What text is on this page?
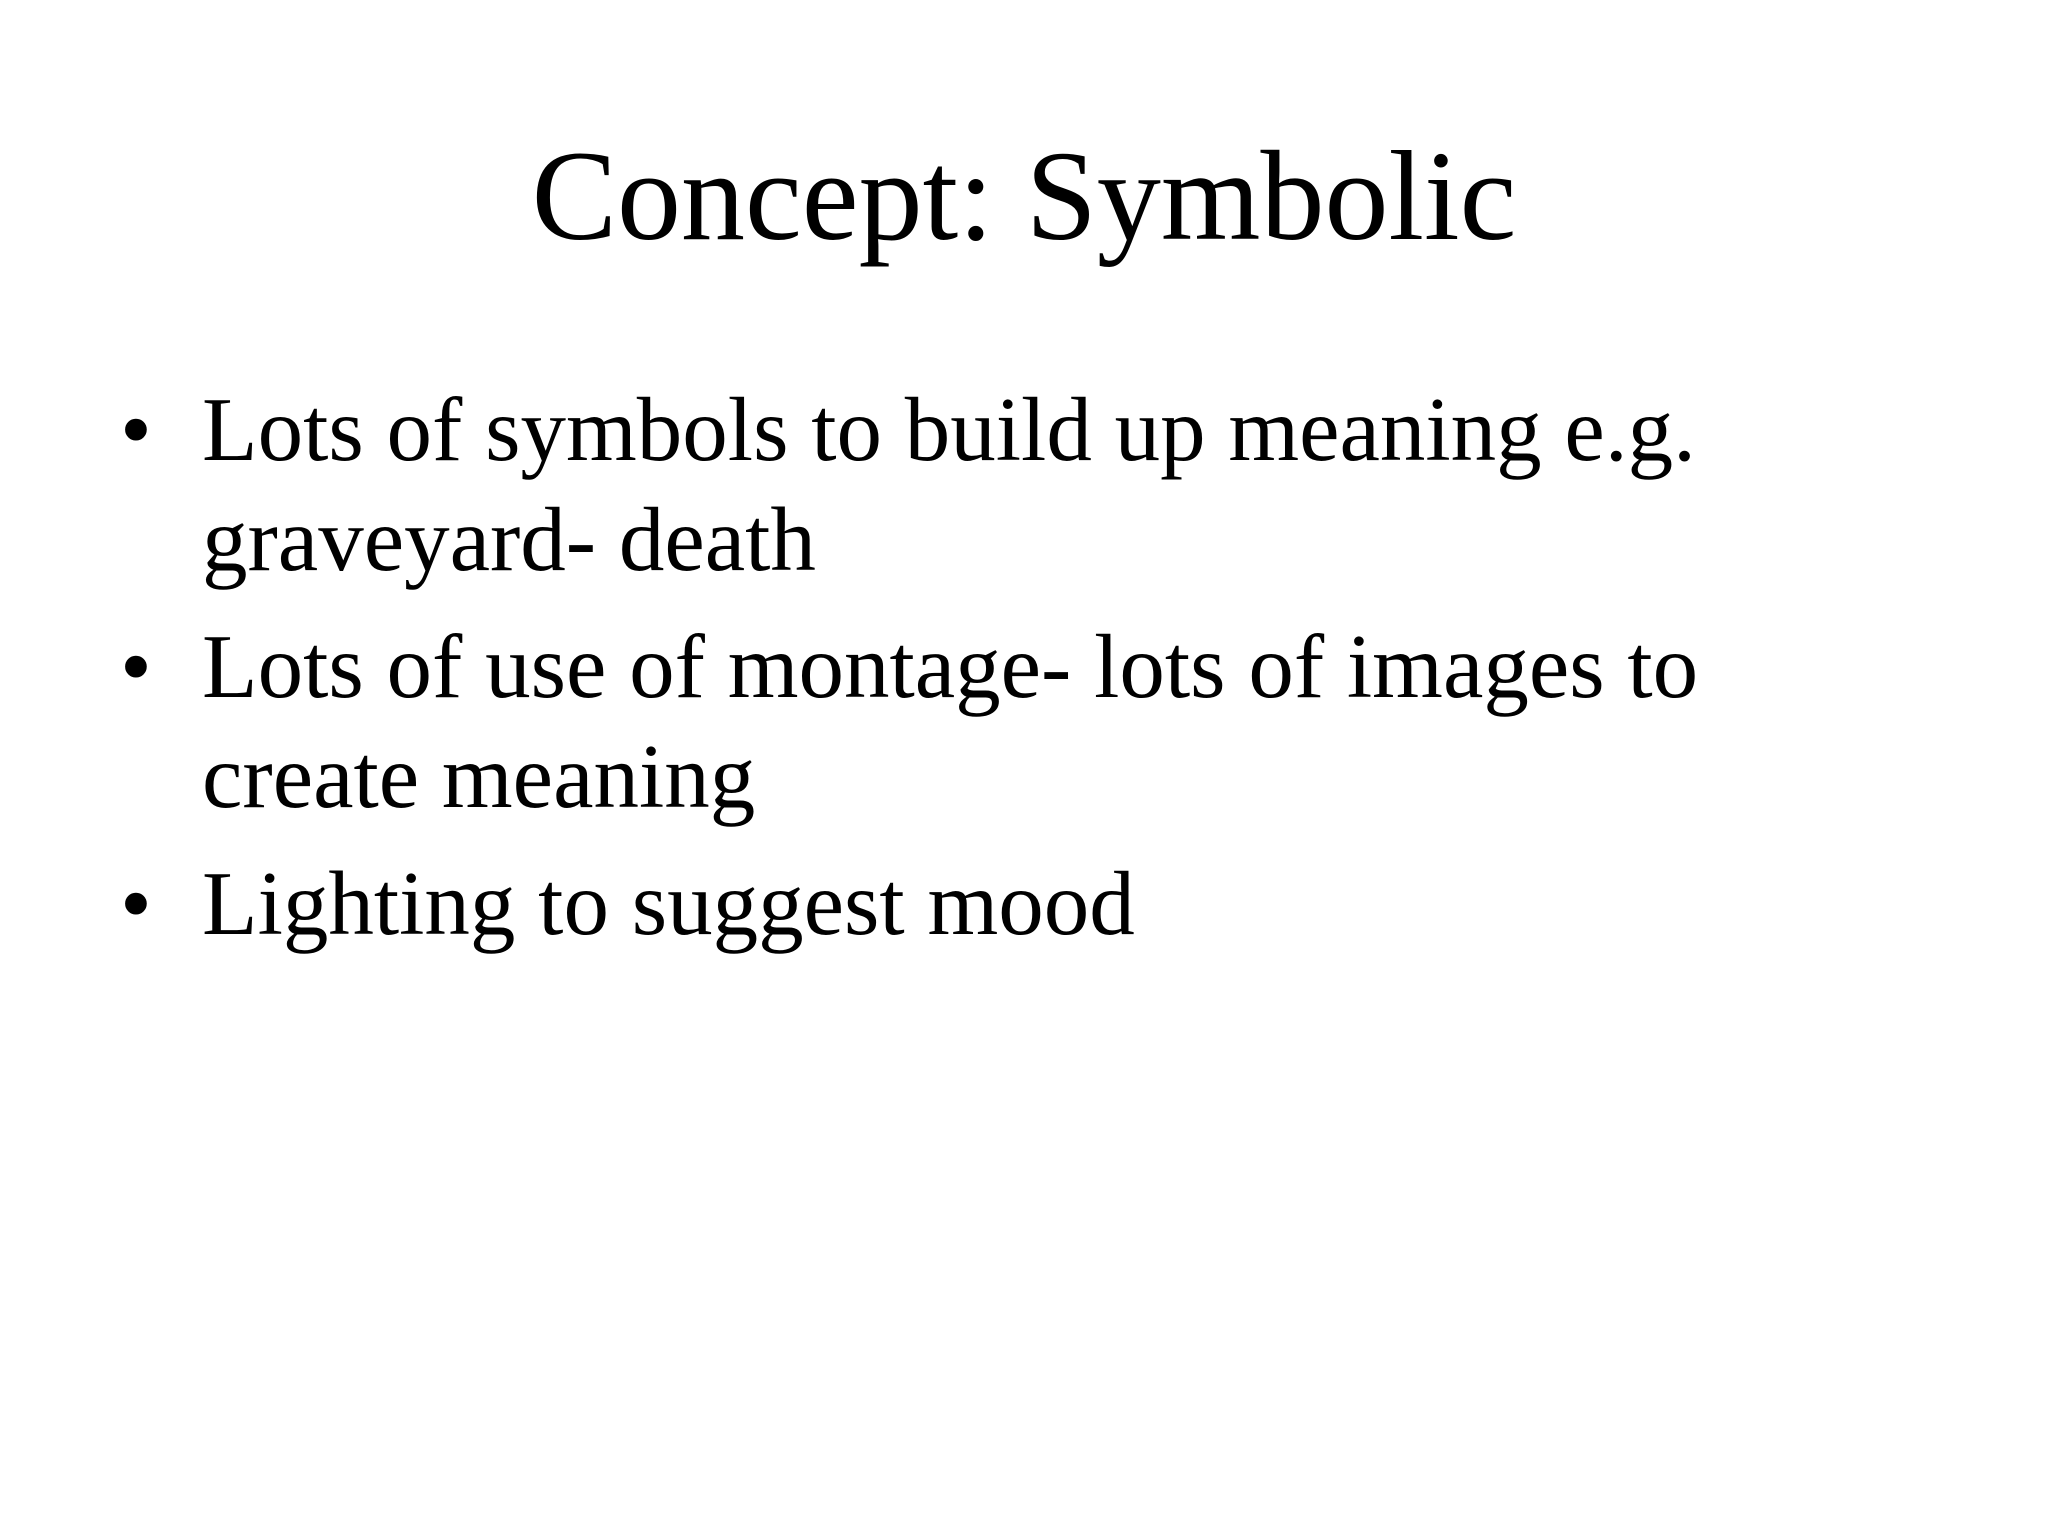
Concept: Symbolic
• Lots of symbols to build up meaning e.g. graveyard- death
• Lots of use of montage- lots of images to create meaning
• Lighting to suggest mood
